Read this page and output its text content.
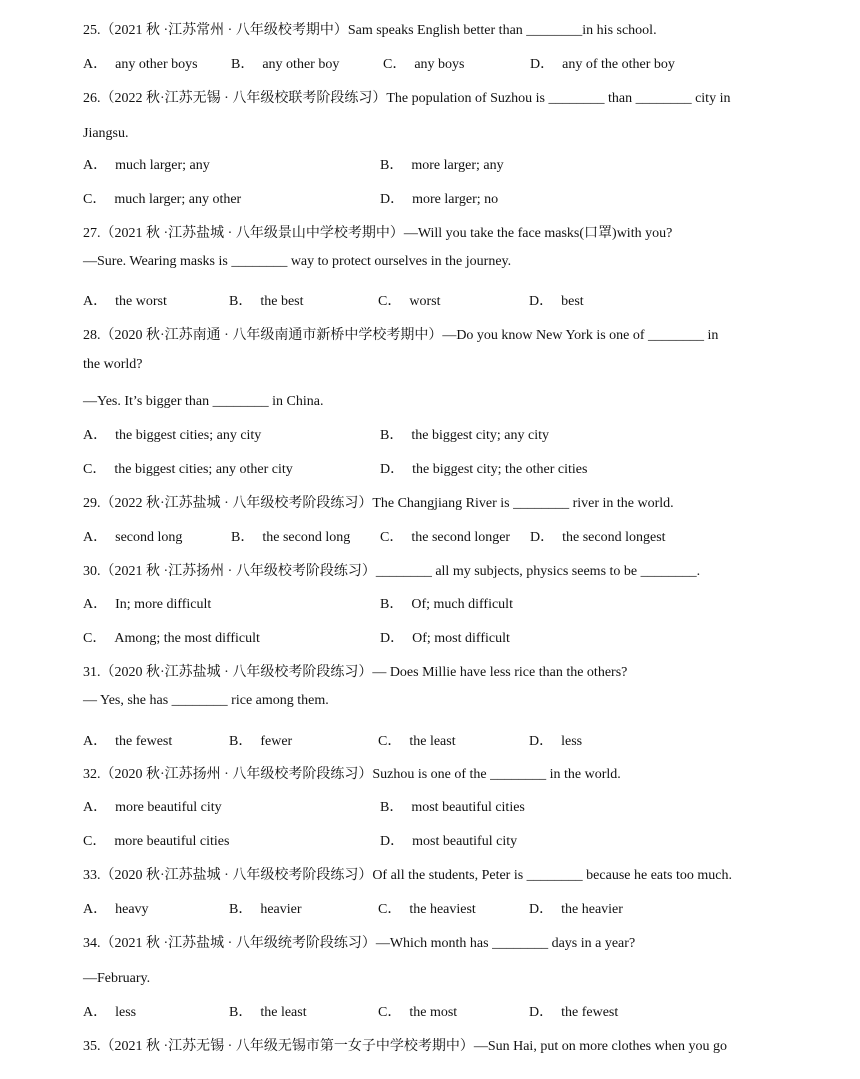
25.（2021 秋 ·江苏常州 · 八年级校考期中）Sam speaks English better than ________in his school.
A． any other boys B． any other boy	C． any boys	D． any of the other boy
26.（2022 秋·江苏无锡 · 八年级校联考阶段练习）The population of Suzhou is ________ than ________ city in
Jiangsu.
A． much larger; any	B． more larger; any
C． much larger; any other	D． more larger; no
27.（2021 秋 ·江苏盐城 · 八年级景山中学校考期中）—Will you take the face masks(口罩)with you?
—Sure. Wearing masks is ________ way to protect ourselves in the journey.
A． the worst	B． the best	C． worst	D． best
28.（2020 秋·江苏南通 · 八年级南通市新桥中学校考期中）—Do you know New York is one of ________ in
the world?
—Yes. It’s bigger than ________ in China.
A． the biggest cities; any city	B． the biggest city; any city
C． the biggest cities; any other city	D． the biggest city; the other cities
29.（2022 秋·江苏盐城 · 八年级校考阶段练习）The Changjiang River is ________ river in the world.
A． second long	B． the second long C． the second longer D． the second longest
30.（2021 秋 ·江苏扬州 · 八年级校考阶段练习）________ all my subjects, physics seems to be ________.
A． In; more difficult	B． Of; much difficult
C． Among; the most difficult	D． Of; most difficult
31.（2020 秋·江苏盐城 · 八年级校考阶段练习）— Does Millie have less rice than the others?
— Yes, she has ________ rice among them.
A． the fewest	B． fewer	C． the least	D． less
32.（2020 秋·江苏扬州 · 八年级校考阶段练习）Suzhou is one of the ________ in the world.
A． more beautiful city	B． most beautiful cities
C． more beautiful cities	D． most beautiful city
33.（2020 秋·江苏盐城 · 八年级校考阶段练习）Of all the students, Peter is ________ because he eats too much.
A． heavy	B． heavier	C． the heaviest	D． the heavier
34.（2021 秋 ·江苏盐城 · 八年级统考阶段练习）—Which month has ________ days in a year?
—February.
A． less	B． the least	C． the most	D． the fewest
35.（2021 秋 ·江苏无锡 · 八年级无锡市第一女子中学校考期中）—Sun Hai, put on more clothes when you go
